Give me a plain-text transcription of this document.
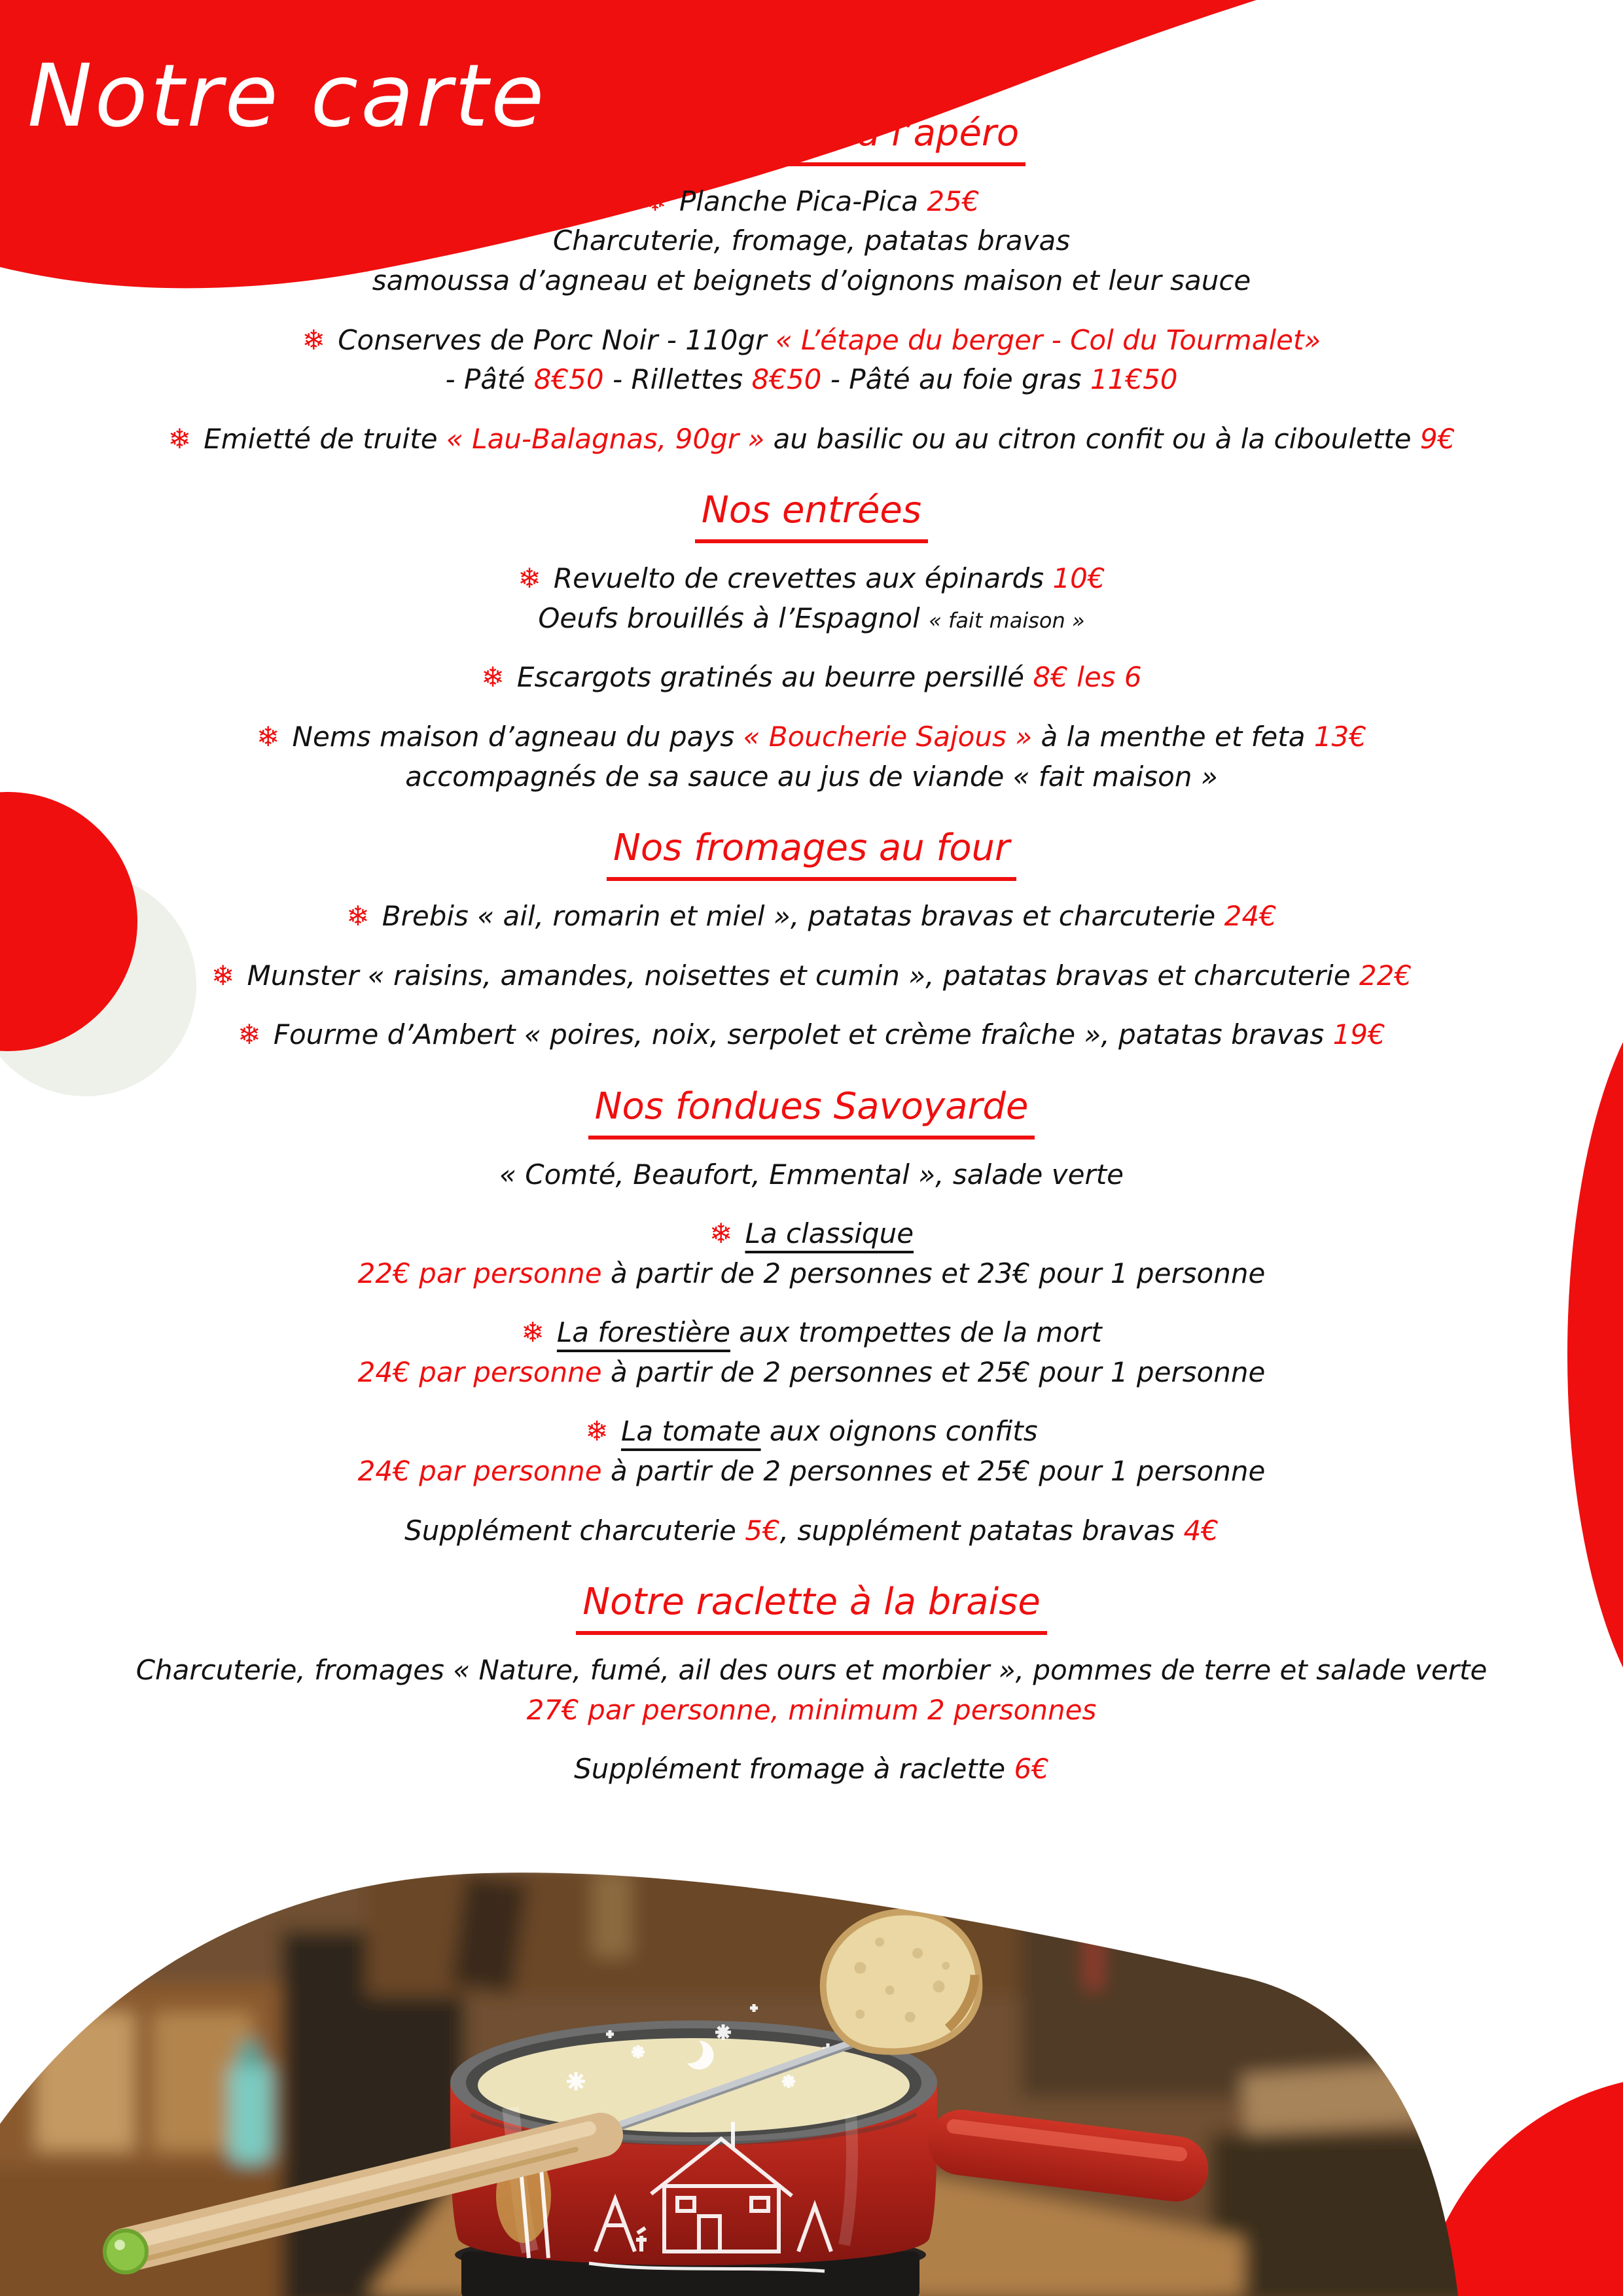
Notre carte	A partager ... à l’apéro
❄ Planche Pica-Pica 25€
Charcuterie, fromage, patatas bravas
samoussa d’agneau et beignets d’oignons maison et leur sauce
❄ Conserves de Porc Noir - 110gr « L’étape du berger - Col du Tourmalet»
- Pâté 8€50 - Rillettes 8€50 - Pâté au foie gras 11€50
❄ Emietté de truite « Lau-Balagnas, 90gr » au basilic ou au citron confit ou à la ciboulette 9€
Nos entrées
❄ Revuelto de crevettes aux épinards 10€
Oeufs brouillés à l’Espagnol « fait maison »
❄ Escargots gratinés au beurre persillé 8€ les 6
❄ Nems maison d’agneau du pays « Boucherie Sajous » à la menthe et feta 13€
accompagnés de sa sauce au jus de viande « fait maison »
Nos fromages au four
❄ Brebis « ail, romarin et miel », patatas bravas et charcuterie 24€
❄ Munster « raisins, amandes, noisettes et cumin », patatas bravas et charcuterie 22€
❄ Fourme d’Ambert « poires, noix, serpolet et crème fraîche », patatas bravas 19€
Nos fondues Savoyarde
« Comté, Beaufort, Emmental », salade verte
❄ La classique
22€ par personne à partir de 2 personnes et 23€ pour 1 personne
❄ La forestière aux trompettes de la mort
24€ par personne à partir de 2 personnes et 25€ pour 1 personne
❄ La tomate aux oignons confits
24€ par personne à partir de 2 personnes et 25€ pour 1 personne
Supplément charcuterie 5€, supplément patatas bravas 4€
Notre raclette à la braise
Charcuterie, fromages « Nature, fumé, ail des ours et morbier », pommes de terre et salade verte
27€ par personne, minimum 2 personnes
Supplément fromage à raclette 6€
